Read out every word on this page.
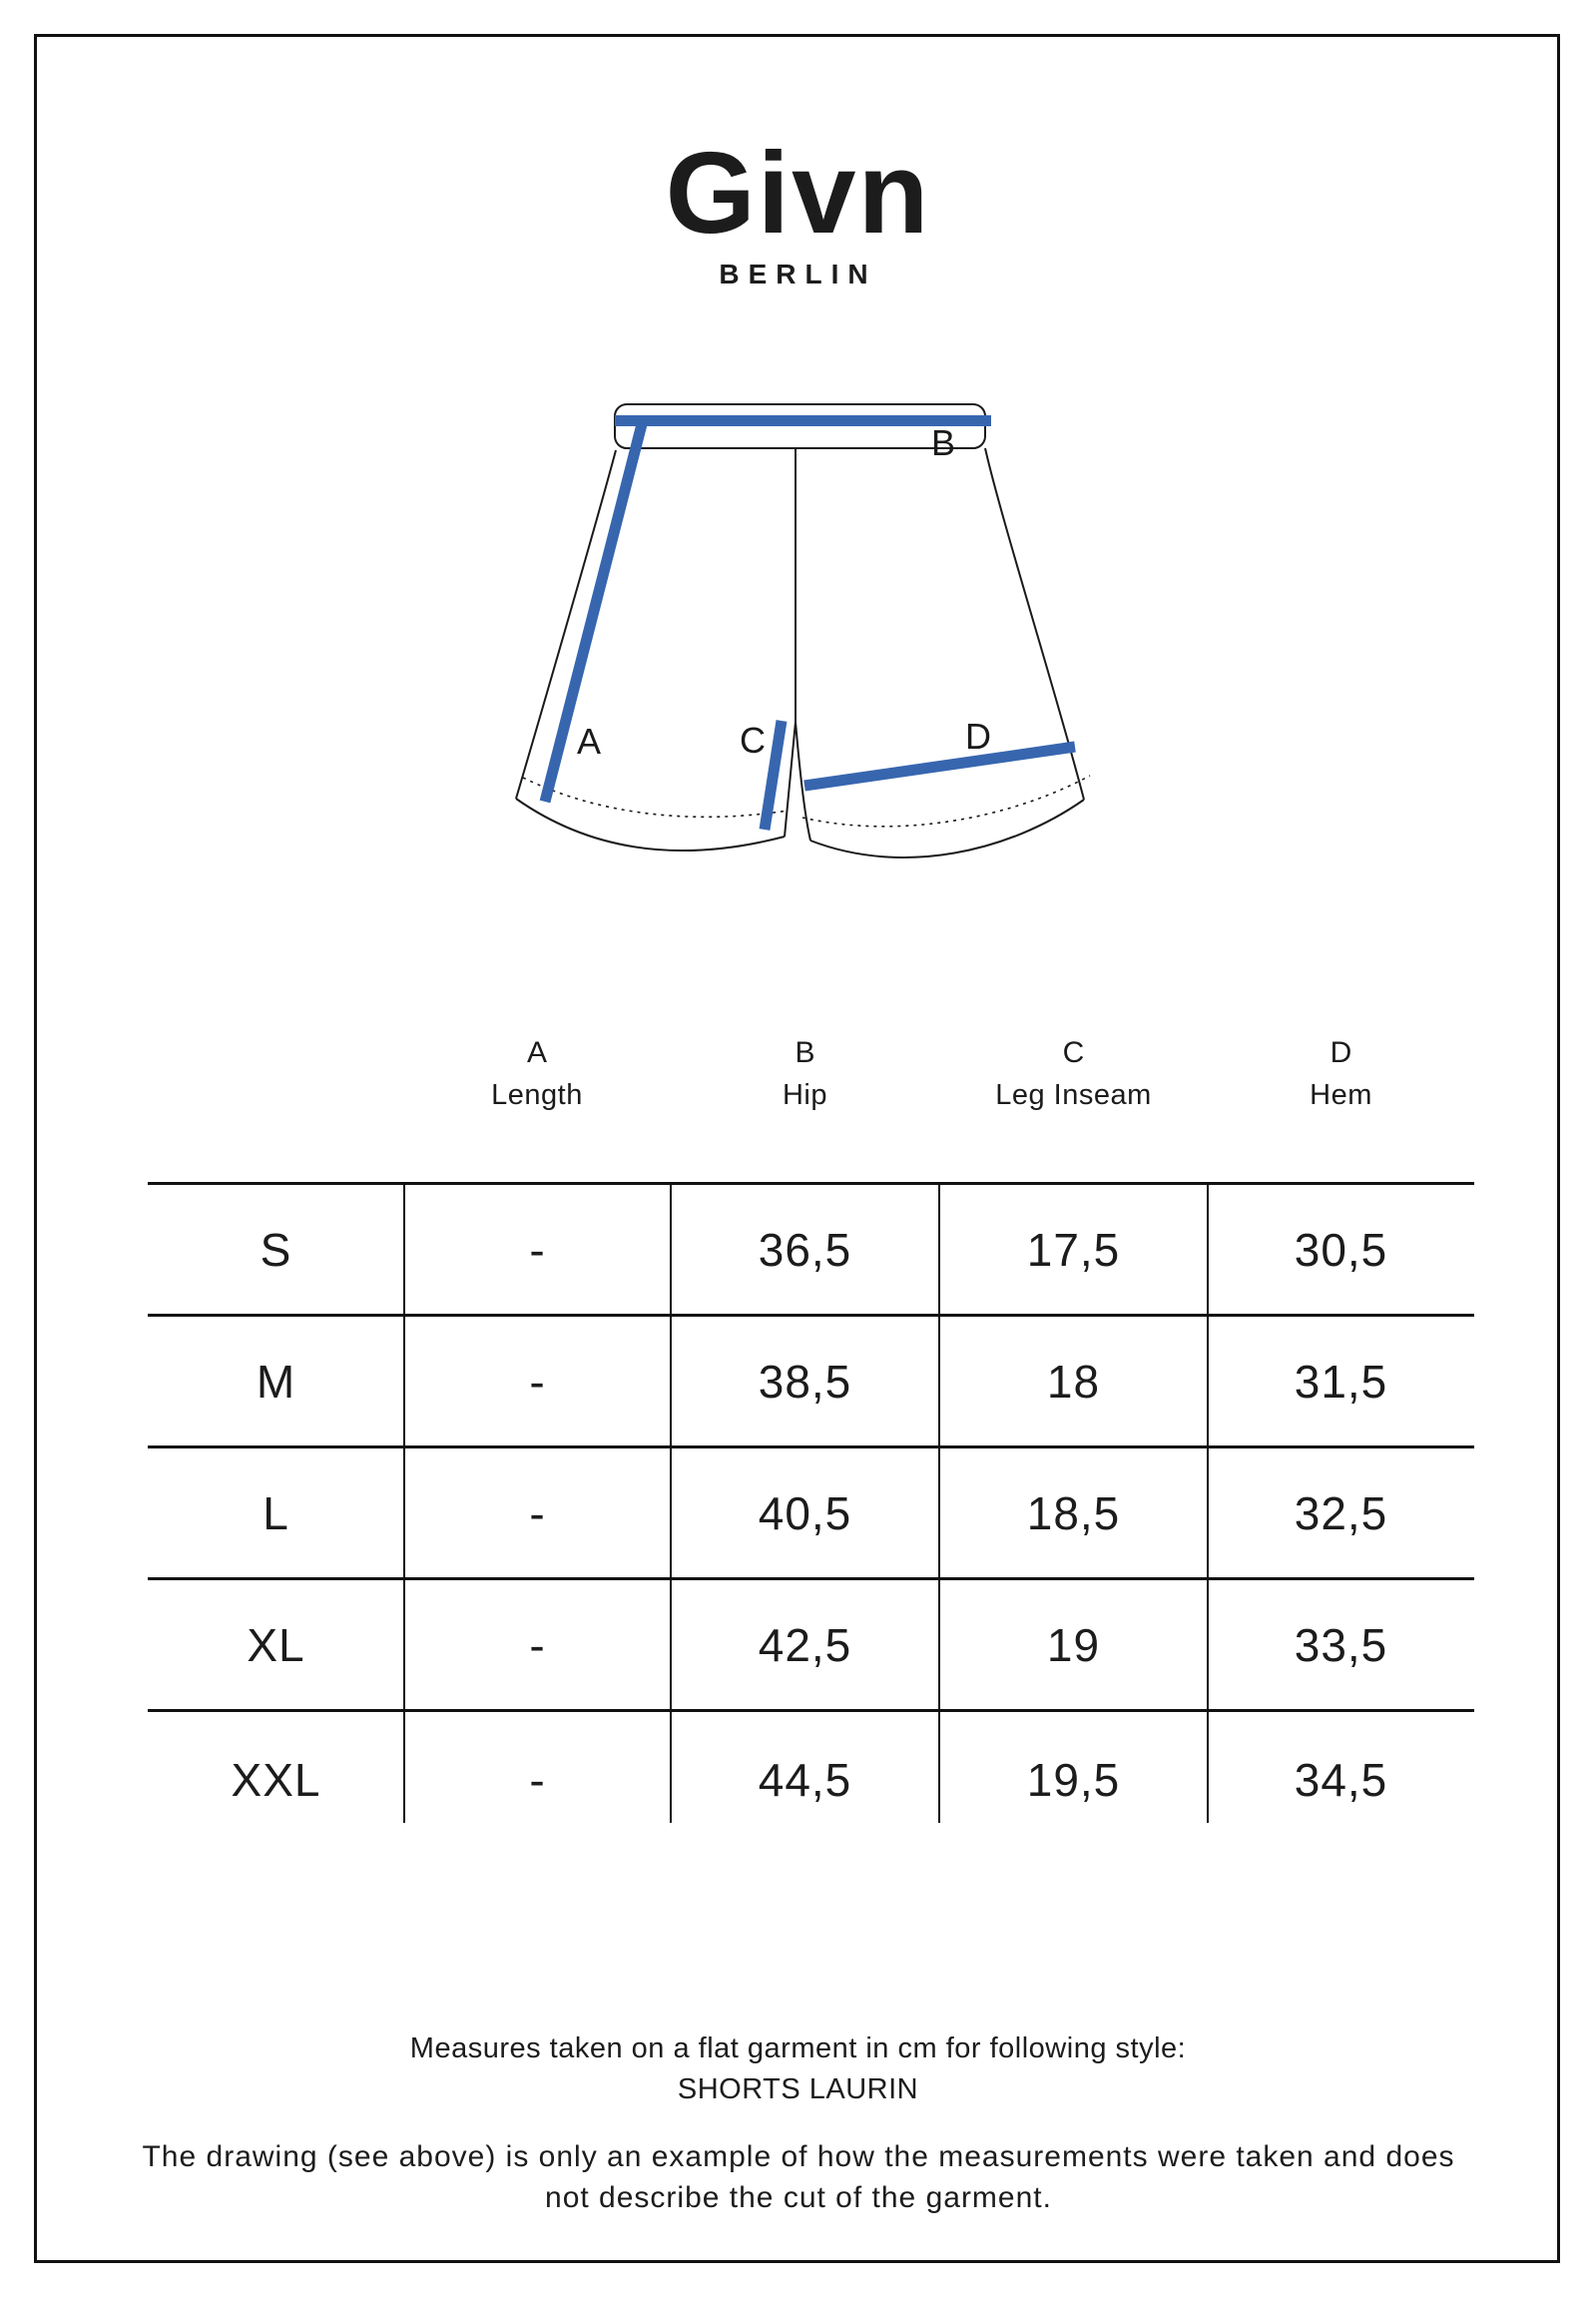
Givn
BERLIN
A
B
C	D
A
Length
B
Hip
C
Leg Inseam
D
Hem
S	-	36,5	17,5	30,5
M	-	38,5	18	31,5
L	-	40,5	18,5	32,5
XL	-	42,5	19	33,5
XXL	-	44,5	19,5	34,5
Measures taken on a flat garment in cm for following style:
SHORTS LAURIN
The drawing (see above) is only an example of how the measurements were taken and does
not describe the cut of the garment.
